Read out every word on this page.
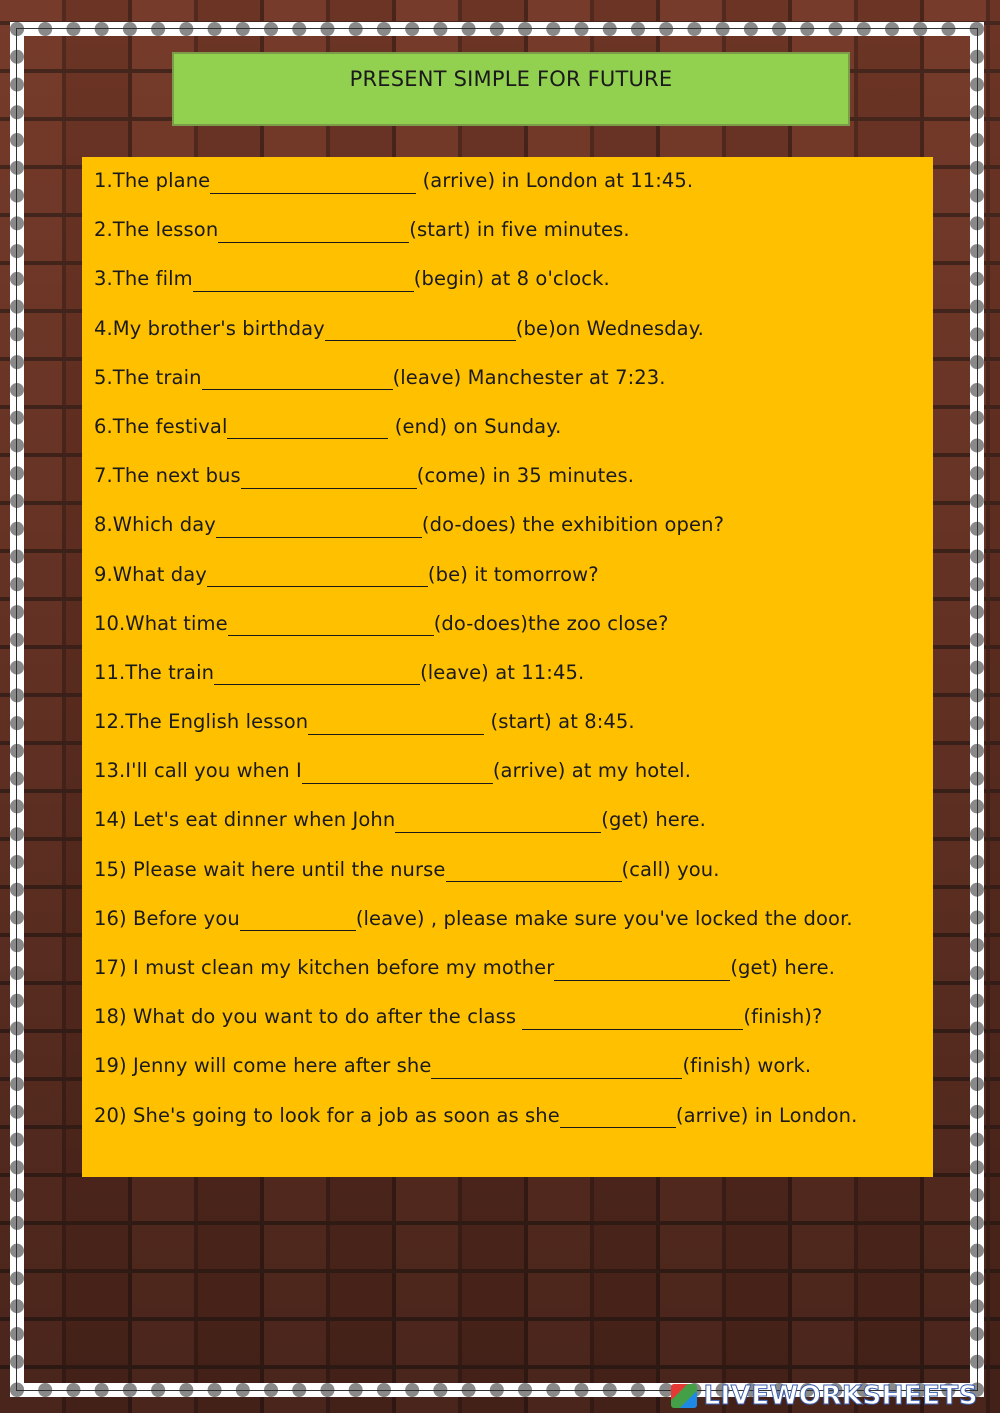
PRESENT SIMPLE FOR FUTURE
1.The plane	(arrive) in London at 11:45.
2.The lesson	(start) in five minutes.
3.The film	(begin) at 8 o'clock.
4.My brother's birthday	(be)on Wednesday.
5.The train	(leave) Manchester at 7:23.
6.The festival	(end) on Sunday.
7.The next bus	(come) in 35 minutes.
8.Which day	(do-does) the exhibition open?
9.What day	(be) it tomorrow?
10.What time	(do-does)the zoo close?
11.The train	(leave) at 11:45.
12.The English lesson	(start) at 8:45.
13.I'll call you when I	(arrive) at my hotel.
14) Let's eat dinner when John	(get) here.
15) Please wait here until the nurse	(call) you.
16) Before you	(leave) , please make sure you've locked the door.
17) I must clean my kitchen before my mother	(get) here.
18) What do you want to do after the class	(finish)?
19) Jenny will come here after she	(finish) work.
20) She's going to look for a job as soon as she	(arrive) in London.
LIVEWORKSHEETS
